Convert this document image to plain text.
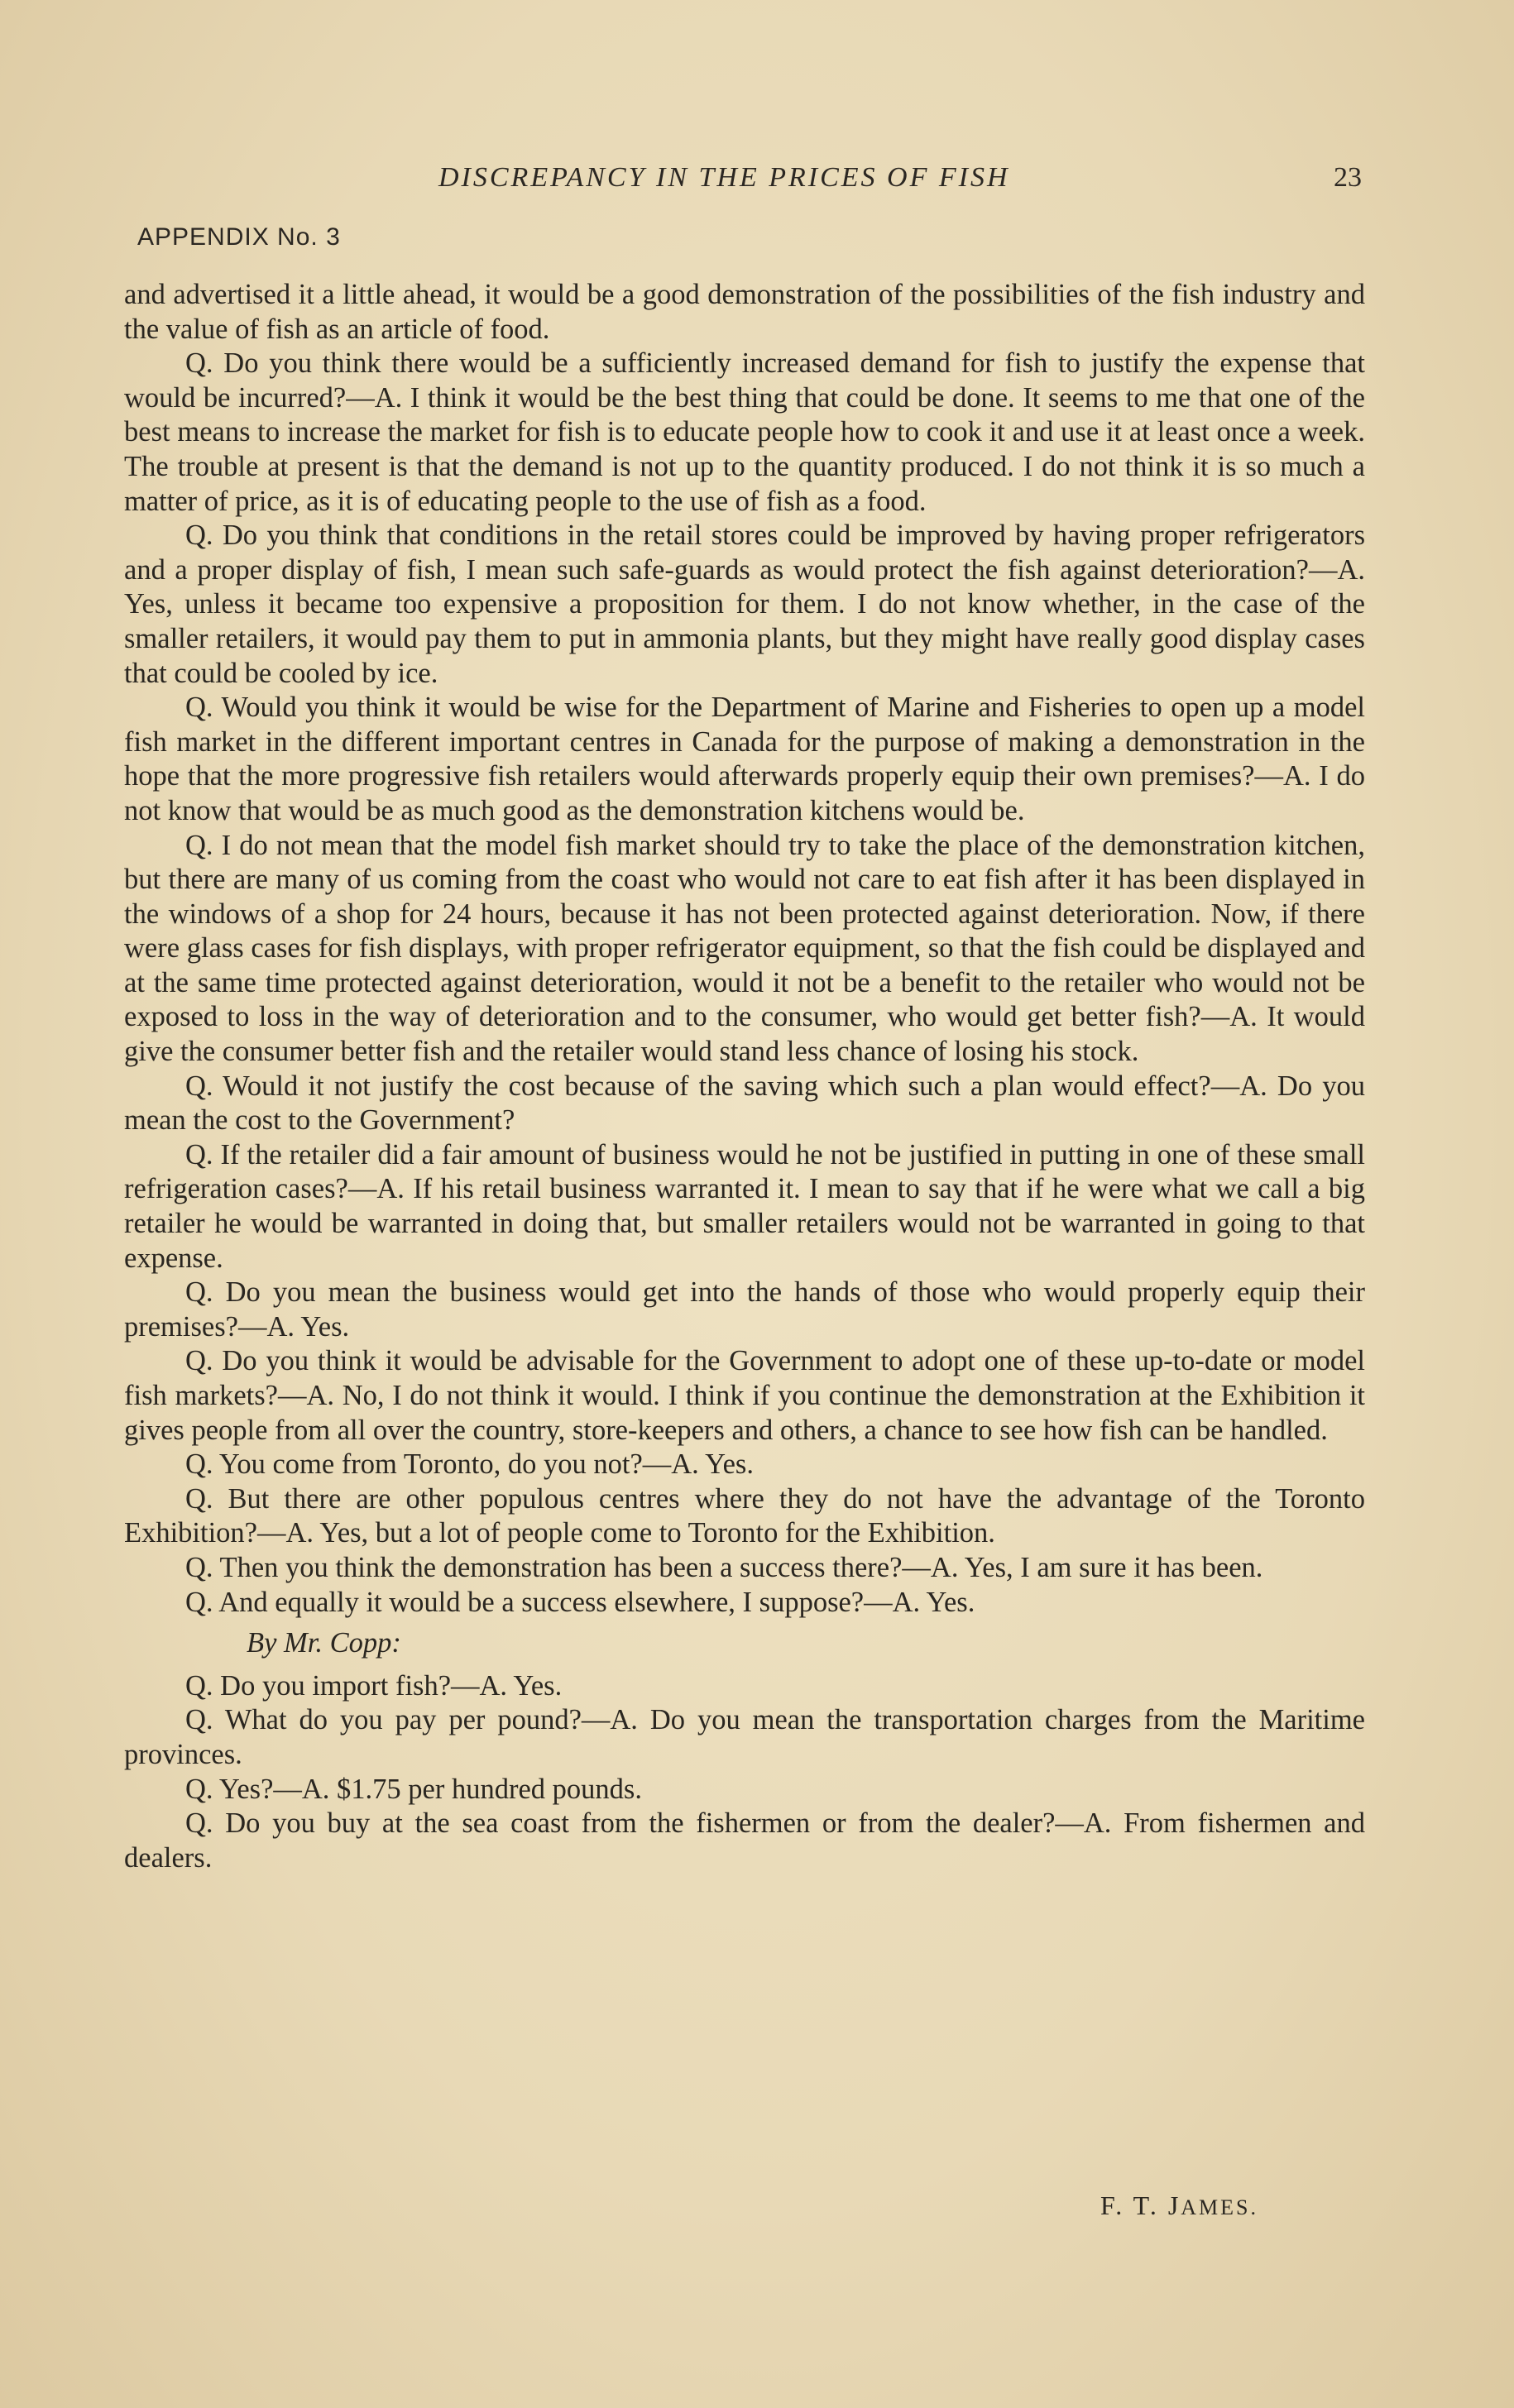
DISCREPANCY IN THE PRICES OF FISH	23
APPENDIX No. 3

and advertised it a little ahead, it would be a good demonstration of the possibilities of the fish industry and the value of fish as an article of food.

Q. Do you think there would be a sufficiently increased demand for fish to justify the expense that would be incurred?—A. I think it would be the best thing that could be done. It seems to me that one of the best means to increase the market for fish is to educate people how to cook it and use it at least once a week. The trouble at present is that the demand is not up to the quantity produced. I do not think it is so much a matter of price, as it is of educating people to the use of fish as a food.

Q. Do you think that conditions in the retail stores could be improved by having proper refrigerators and a proper display of fish, I mean such safe-guards as would protect the fish against deterioration?—A. Yes, unless it became too expensive a proposition for them. I do not know whether, in the case of the smaller retailers, it would pay them to put in ammonia plants, but they might have really good display cases that could be cooled by ice.

Q. Would you think it would be wise for the Department of Marine and Fisheries to open up a model fish market in the different important centres in Canada for the purpose of making a demonstration in the hope that the more progressive fish retailers would afterwards properly equip their own premises?—A. I do not know that would be as much good as the demonstration kitchens would be.

Q. I do not mean that the model fish market should try to take the place of the demonstration kitchen, but there are many of us coming from the coast who would not care to eat fish after it has been displayed in the windows of a shop for 24 hours, because it has not been protected against deterioration. Now, if there were glass cases for fish displays, with proper refrigerator equipment, so that the fish could be displayed and at the same time protected against deterioration, would it not be a benefit to the retailer who would not be exposed to loss in the way of deterioration and to the consumer, who would get better fish?—A. It would give the consumer better fish and the retailer would stand less chance of losing his stock.

Q. Would it not justify the cost because of the saving which such a plan would effect?—A. Do you mean the cost to the Government?

Q. If the retailer did a fair amount of business would he not be justified in putting in one of these small refrigeration cases?—A. If his retail business warranted it. I mean to say that if he were what we call a big retailer he would be warranted in doing that, but smaller retailers would not be warranted in going to that expense.

Q. Do you mean the business would get into the hands of those who would properly equip their premises?—A. Yes.

Q. Do you think it would be advisable for the Government to adopt one of these up-to-date or model fish markets?—A. No, I do not think it would. I think if you continue the demonstration at the Exhibition it gives people from all over the country, store-keepers and others, a chance to see how fish can be handled.

Q. You come from Toronto, do you not?—A. Yes.

Q. But there are other populous centres where they do not have the advantage of the Toronto Exhibition?—A. Yes, but a lot of people come to Toronto for the Exhibition.

Q. Then you think the demonstration has been a success there?—A. Yes, I am sure it has been.

Q. And equally it would be a success elsewhere, I suppose?—A. Yes.

By Mr. Copp:

Q. Do you import fish?—A. Yes.

Q. What do you pay per pound?—A. Do you mean the transportation charges from the Maritime provinces.

Q. Yes?—A. $1.75 per hundred pounds.

Q. Do you buy at the sea coast from the fishermen or from the dealer?—A. From fishermen and dealers.

F. T. JAMES.
